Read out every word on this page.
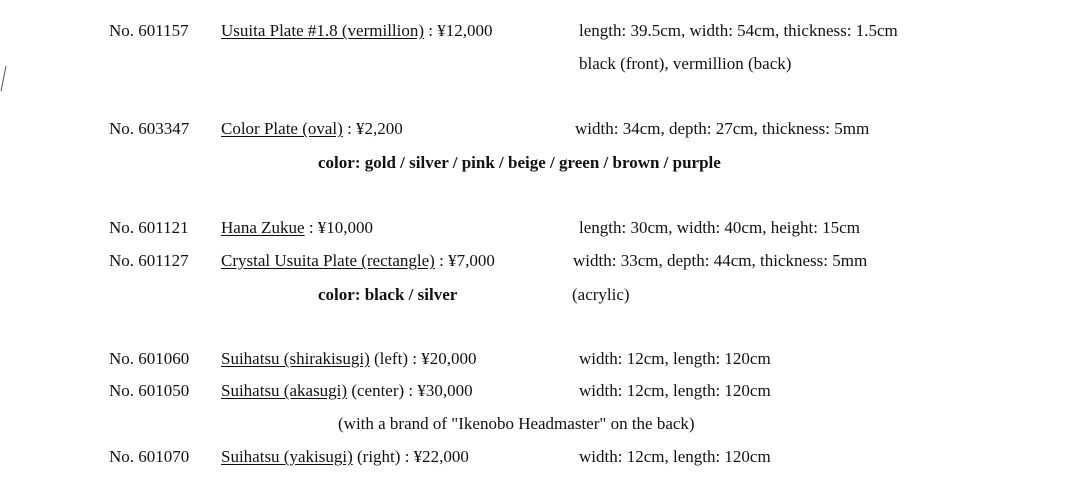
No. 601157 Usuita Plate #1.8 (vermillion) : ¥12,000	length: 39.5cm, width: 54cm, thickness: 1.5cm
black (front), vermillion (back)
No. 603347 Color Plate (oval) : ¥2,200	width: 34cm, depth: 27cm, thickness: 5mm
color: gold / silver / pink / beige / green / brown / purple
No. 601121 Hana Zukue : ¥10,000	length: 30cm, width: 40cm, height: 15cm
No. 601127 Crystal Usuita Plate (rectangle) : ¥7,000	width: 33cm, depth: 44cm, thickness: 5mm
color: black / silver	(acrylic)
No. 601060 Suihatsu (shirakisugi) (left) : ¥20,000	width: 12cm, length: 120cm
No. 601050 Suihatsu (akasugi) (center) : ¥30,000	width: 12cm, length: 120cm
(with a brand of "Ikenobo Headmaster" on the back)
No. 601070 Suihatsu (yakisugi) (right) : ¥22,000	width: 12cm, length: 120cm
